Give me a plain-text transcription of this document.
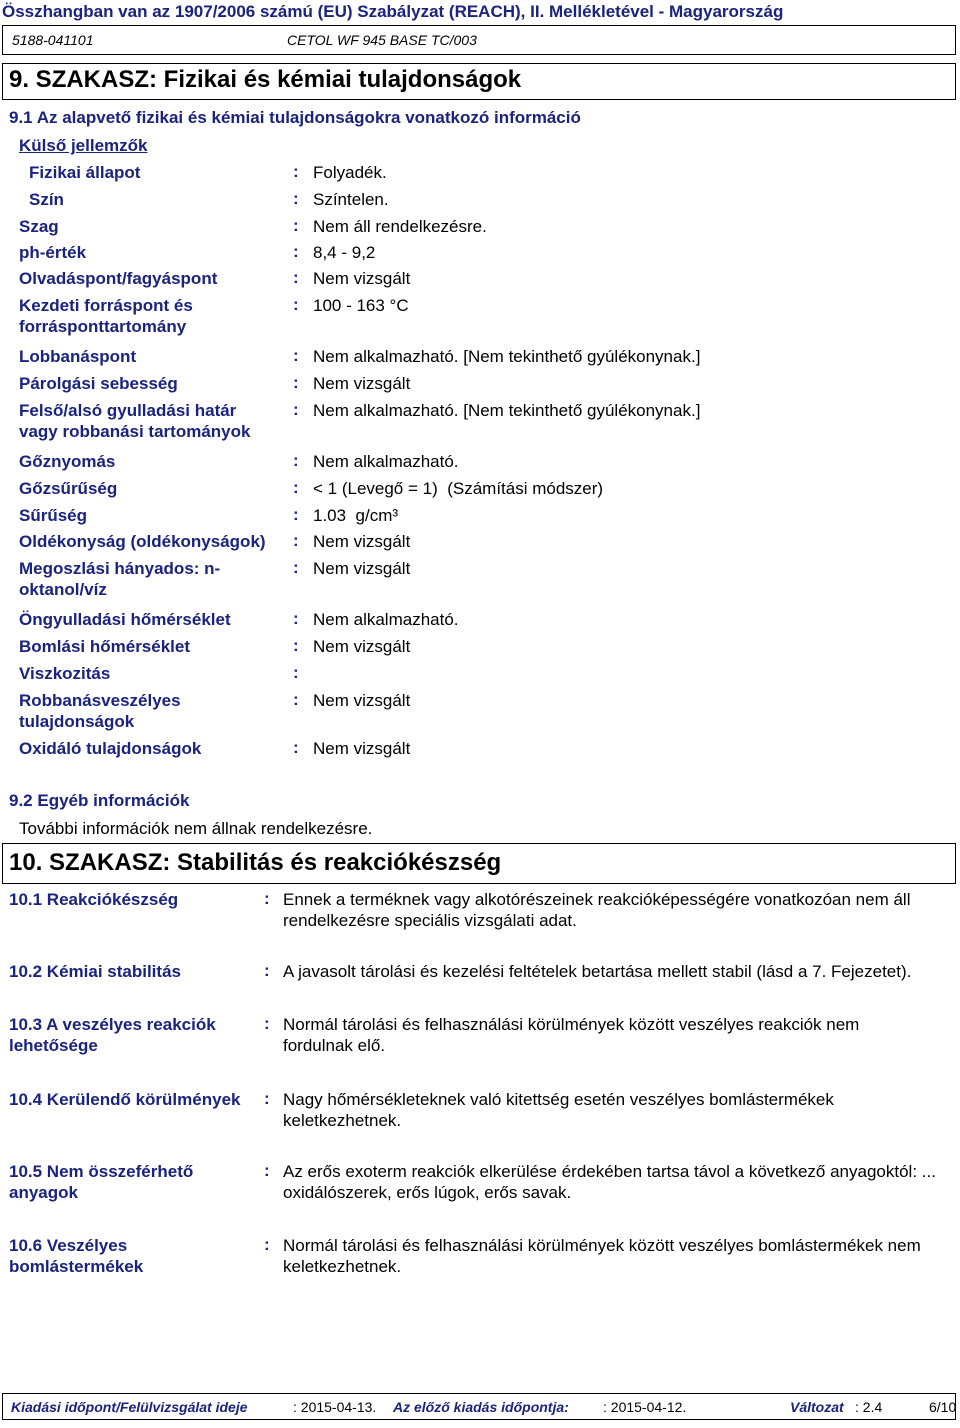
Összhangban van az 1907/2006 számú (EU) Szabályzat (REACH), II. Mellékletével - Magyarország
5188-041101	CETOL WF 945 BASE TC/003
9. SZAKASZ: Fizikai és kémiai tulajdonságok
9.1 Az alapvető fizikai és kémiai tulajdonságokra vonatkozó információ
Külső jellemzők
Fizikai állapot	: Folyadék.
Szín	: Színtelen.
Szag	: Nem áll rendelkezésre.
ph-érték	: 8,4 - 9,2
Olvadáspont/fagyáspont	: Nem vizsgált
Kezdeti forráspont és forrásponttartomány
: 100 - 163 °C
Lobbanáspont	: Nem alkalmazható. [Nem tekinthető gyúlékonynak.]
Párolgási sebesség	: Nem vizsgált
Felső/alsó gyulladási határ vagy robbanási tartományok
: Nem alkalmazható. [Nem tekinthető gyúlékonynak.]
Gőznyomás	: Nem alkalmazható.
Gőzsűrűség	: < 1 (Levegő = 1)  (Számítási módszer)
Sűrűség	: 1.03  g/cm³
Oldékonyság (oldékonyságok) : Nem vizsgált
Megoszlási hányados: n-oktanol/víz
: Nem vizsgált
Öngyulladási hőmérséklet	: Nem alkalmazható.
Bomlási hőmérséklet	: Nem vizsgált
Viszkozitás	:
Robbanásveszélyes tulajdonságok
: Nem vizsgált
Oxidáló tulajdonságok	: Nem vizsgált
9.2 Egyéb információk
További információk nem állnak rendelkezésre.
10. SZAKASZ: Stabilitás és reakciókészség
10.1 Reakciókészség	: Ennek a terméknek vagy alkotórészeinek reakcióképességére vonatkozóan nem áll rendelkezésre speciális vizsgálati adat.
10.2 Kémiai stabilitás	: A javasolt tárolási és kezelési feltételek betartása mellett stabil (lásd a 7. Fejezetet).
10.3 A veszélyes reakciók lehetősége
: Normál tárolási és felhasználási körülmények között veszélyes reakciók nem fordulnak elő.
10.4 Kerülendő körülmények	: Nagy hőmérsékleteknek való kitettség esetén veszélyes bomlástermékek keletkezhetnek.
10.5 Nem összeférhető anyagok
: Az erős exoterm reakciók elkerülése érdekében tartsa távol a következő anyagoktól: ... oxidálószerek, erős lúgok, erős savak.
10.6 Veszélyes bomlástermékek
: Normál tárolási és felhasználási körülmények között veszélyes bomlástermékek nem keletkezhetnek.
Kiadási időpont/Felülvizsgálat ideje	: 2015-04-13. Az előző kiadás időpontja: : 2015-04-12.	Változat : 2.4	6/10
